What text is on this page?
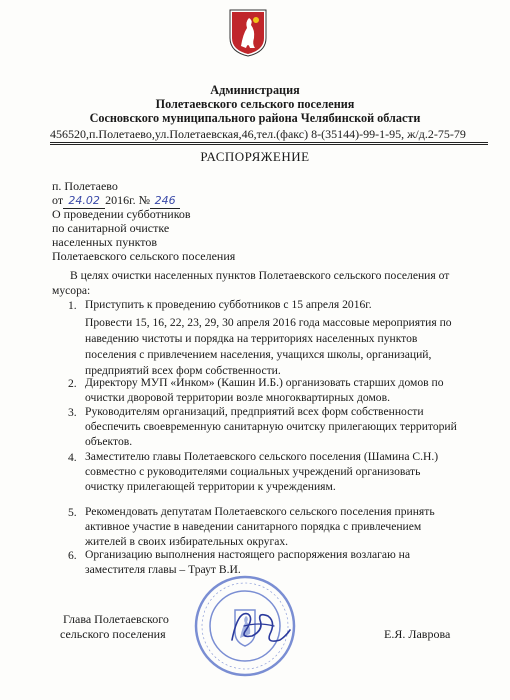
Администрация
Полетаевского сельского поселения
Сосновского муниципального района Челябинской области
456520,п.Полетаево,ул.Полетаевская,46,тел.(факс) 8-(35144)-99-1-95, ж/д.2-75-79
РАСПОРЯЖЕНИЕ
п. Полетаево
от 24.02 2016г. № 246
О проведении субботников
по санитарной очистке
населенных пунктов
Полетаевского сельского поселения
В целях очистки населенных пунктов Полетаевского сельского поселения от
мусора:
1. Приступить к проведению субботников с 15 апреля 2016г.
Провести 15, 16, 22, 23, 29, 30 апреля 2016 года массовые мероприятия по
наведению чистоты и порядка на территориях населенных пунктов
поселения с привлечением населения, учащихся школы, организаций,
предприятий всех форм собственности.
2. Директору МУП «Инком» (Кашин И.Б.) организовать старших домов по
очистки дворовой территории возле многоквартирных домов.
3. Руководителям организаций, предприятий всех форм собственности
обеспечить своевременную санитарную очитску прилегающих территорий
объектов.
4. Заместителю главы Полетаевского сельского поселения (Шамина С.Н.)
совместно с руководителями социальных учреждений организовать
очистку прилегающей территории к учреждениям.
5. Рекомендовать депутатам Полетаевского сельского поселения принять
активное участие в наведении санитарного порядка с привлечением
жителей в своих избирательных округах.
6. Организацию выполнения настоящего распоряжения возлагаю на
заместителя главы – Траут В.И.
Глава Полетаевского
сельского поселения	Е.Я. Лаврова
